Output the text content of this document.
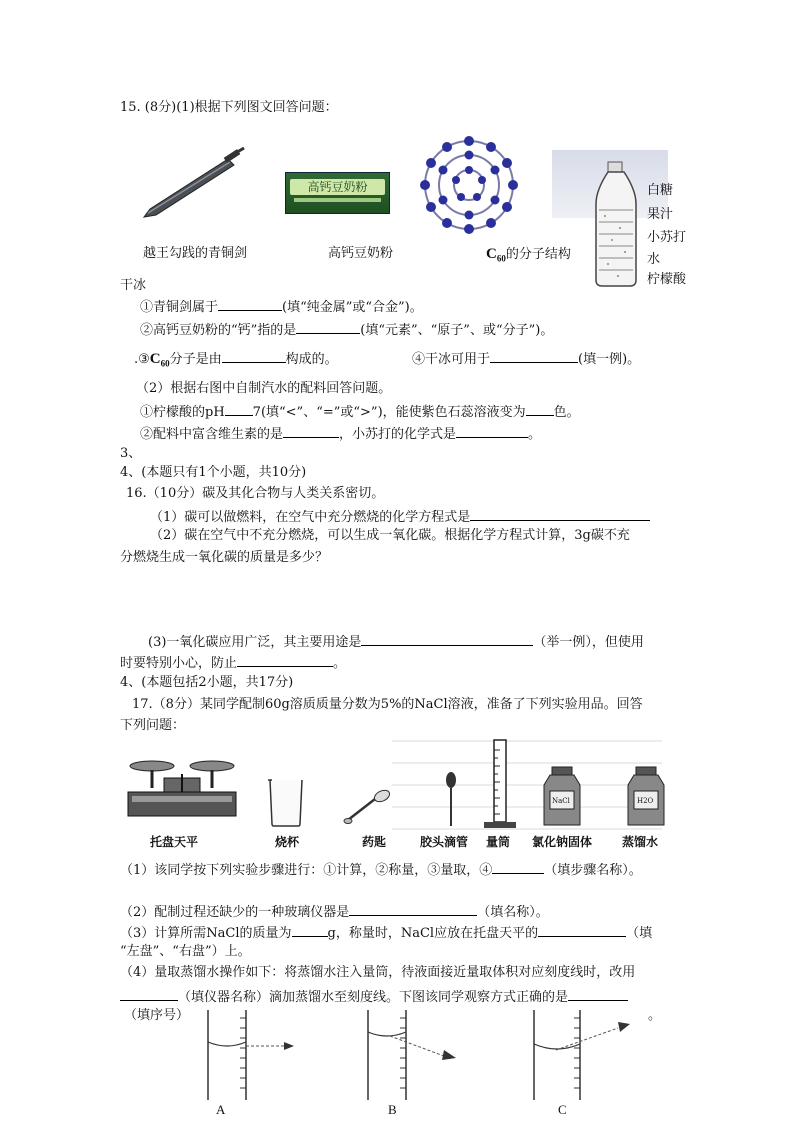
15. (8分)(1)根据下列图文回答问题：
高钙豆奶粉	白糖
果汁
小苏打
水
柠檬酸
越王勾践的青铜剑	高钙豆奶粉	$C_{60}$的分子结构
干冰
①青铜剑属于	(填“纯金属”或“合金”)。
②高钙豆奶粉的“钙”指的是	(填“元素”、“原子”、或“分子”)。
$.③C_{60}$分子是由	构成的。	④干冰可用于	(填一例)。
（2）根据右图中自制汽水的配料回答问题。
①柠檬酸的pH 7(填“<”、“=”或“>”)，能使紫色石蕊溶液变为 色。
②配料中富含维生素的是	，小苏打的化学式是	。
3、
4、(本题只有1个小题，共10分)
16.（10分）碳及其化合物与人类关系密切。
（1）碳可以做燃料，在空气中充分燃烧的化学方程式是
（2）碳在空气中不充分燃烧，可以生成一氧化碳。根据化学方程式计算，3g碳不充
分燃烧生成一氧化碳的质量是多少？
(3)一氧化碳应用广泛，其主要用途是	（举一例），但使用
时要特别小心，防止	。
4、(本题包括2小题，共17分)
17.（8分）某同学配制60g溶质质量分数为5%的NaCl溶液，准备了下列实验用品。回答
下列问题：
NaCl	H2O
托盘天平	烧杯	药匙	胶头滴管 量筒 氯化钠固体 蒸馏水
（1）该同学按下列实验步骤进行：①计算，②称量，③量取，④	（填步骤名称）。
（2）配制过程还缺少的一种玻璃仪器是	（填名称）。
（3）计算所需NaCl的质量为	g，称量时，NaCl应放在托盘天平的	（填
“左盘”、“右盘”）上。
（4）量取蒸馏水操作如下：将蒸馏水注入量筒，待液面接近量取体积对应刻度线时，改用
（填仪器名称）滴加蒸馏水至刻度线。下图该同学观察方式正确的是
（填序号）	。
A	B	C
